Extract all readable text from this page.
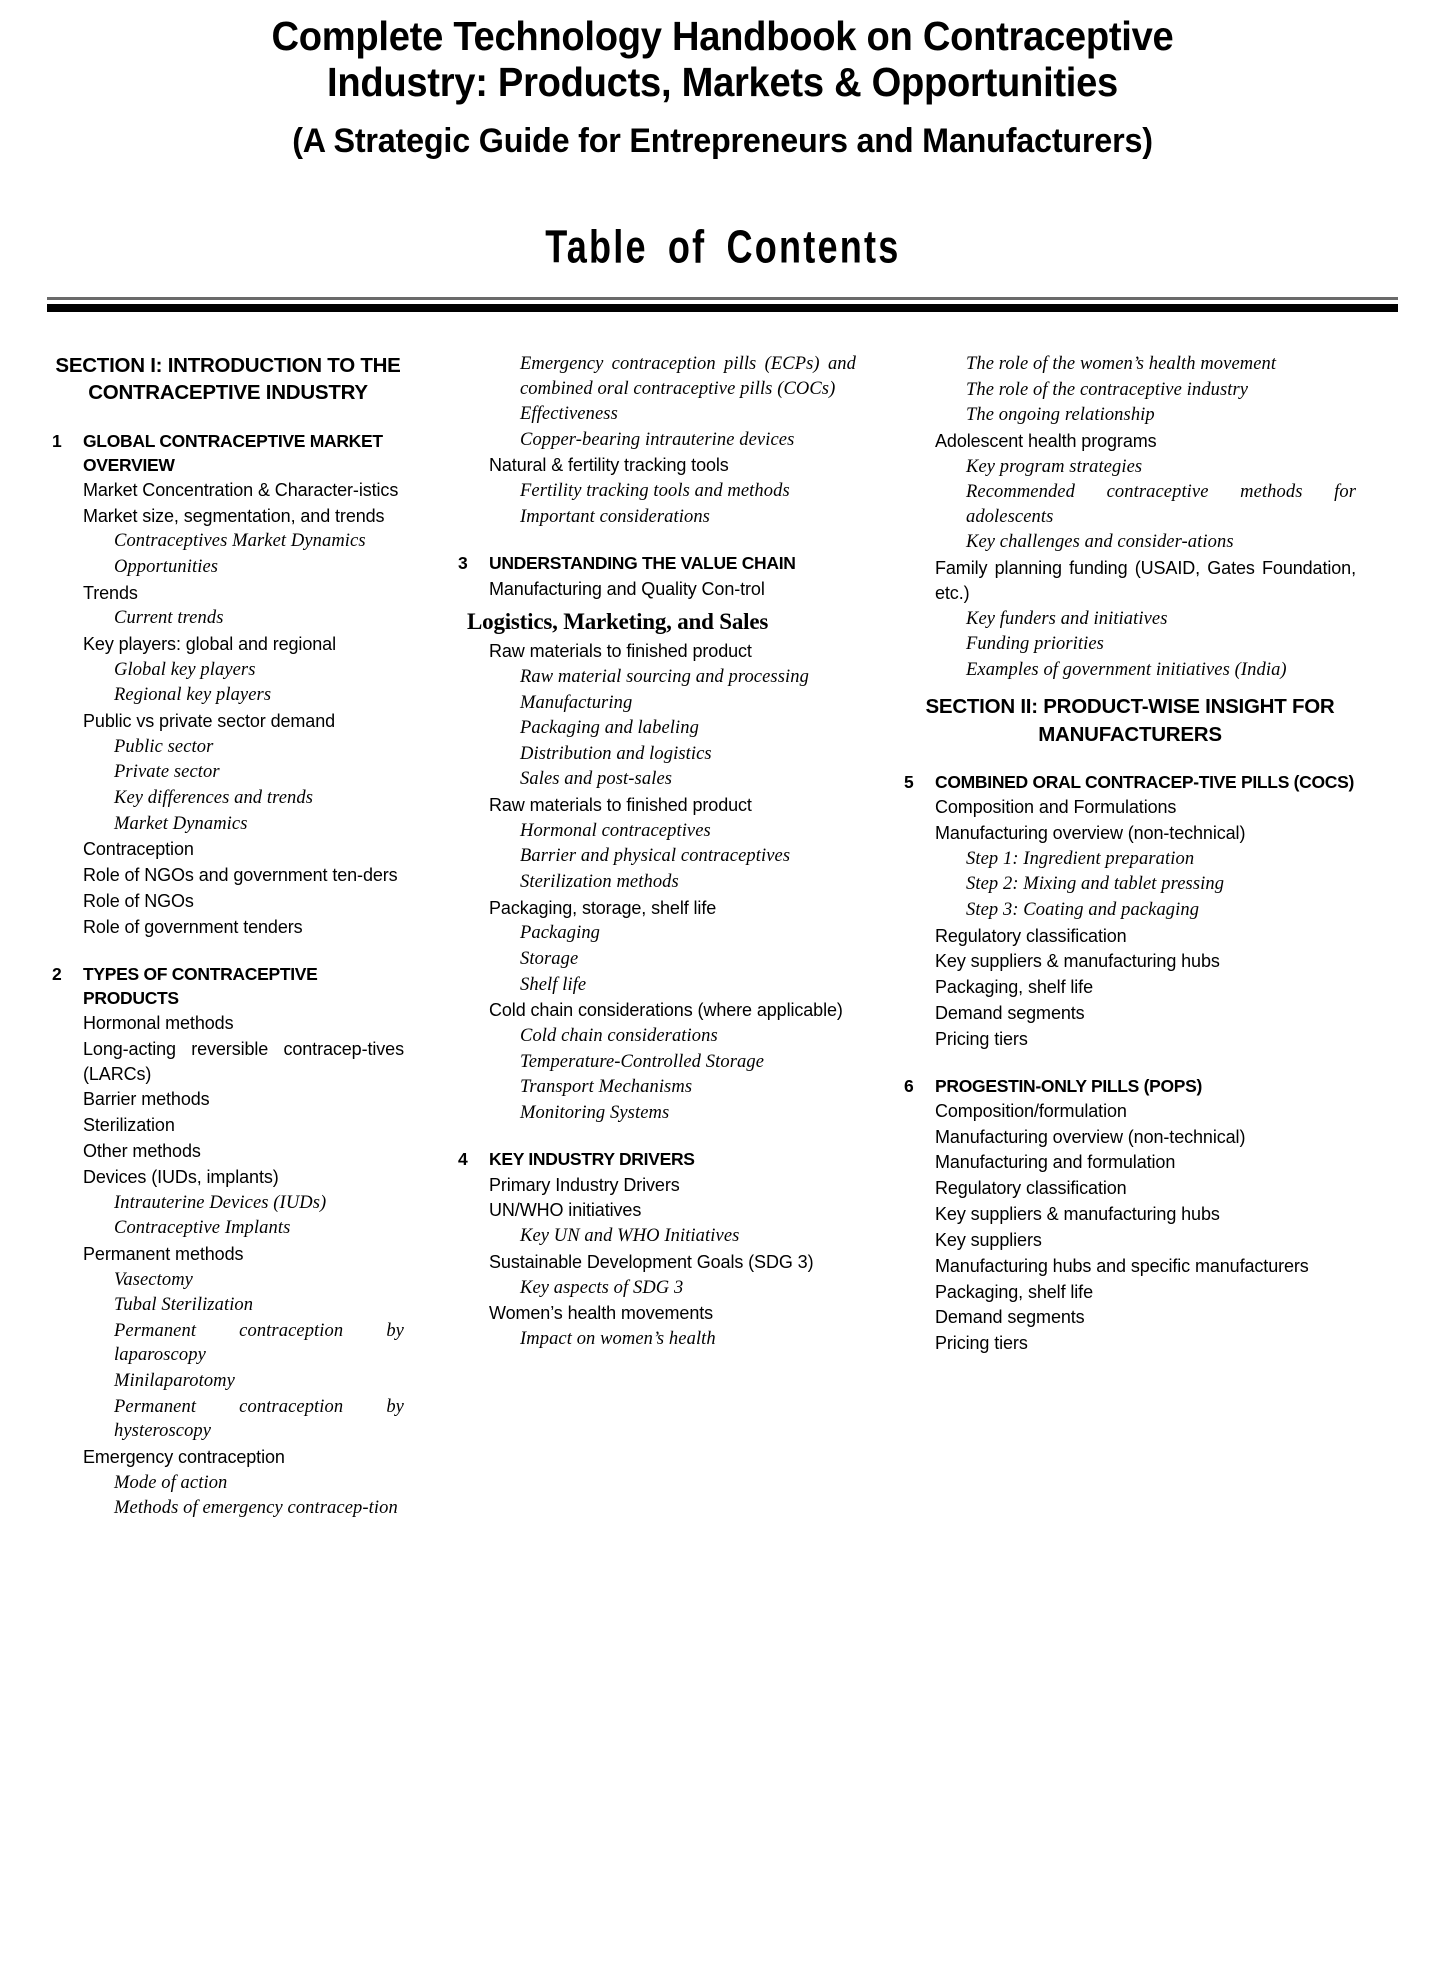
Complete Technology Handbook on Contraceptive
Industry: Products, Markets & Opportunities
(A Strategic Guide for Entrepreneurs and Manufacturers)
Table of Contents
SECTION I: INTRODUCTION TO THE CONTRACEPTIVE INDUSTRY
1	GLOBAL CONTRACEPTIVE MARKET OVERVIEW
Market Concentration & Character-istics
Market size, segmentation, and trends
Contraceptives Market Dynamics
Opportunities
Trends
Current trends
Key players: global and regional
Global key players
Regional key players
Public vs private sector demand
Public sector
Private sector
Key differences and trends
Market Dynamics
Contraception
Role of NGOs and government ten-ders
Role of NGOs
Role of government tenders
2	TYPES OF CONTRACEPTIVE PRODUCTS
Hormonal methods
Long-acting reversible contracep-tives (LARCs)
Barrier methods
Sterilization
Other methods
Devices (IUDs, implants)
Intrauterine Devices (IUDs)
Contraceptive Implants
Permanent methods
Vasectomy
Tubal Sterilization
Permanent contraception by laparoscopy
Minilaparotomy
Permanent contraception by hysteroscopy
Emergency contraception
Mode of action
Methods of emergency contracep-tion
Emergency contraception pills (ECPs) and combined oral contraceptive pills (COCs)
Effectiveness
Copper-bearing intrauterine devices
Natural & fertility tracking tools
Fertility tracking tools and methods
Important considerations
3	UNDERSTANDING THE VALUE CHAIN
Manufacturing and Quality Con-trol
Logistics, Marketing, and Sales
Raw materials to finished product
Raw material sourcing and processing
Manufacturing
Packaging and labeling
Distribution and logistics
Sales and post-sales
Raw materials to finished product
Hormonal contraceptives
Barrier and physical contraceptives
Sterilization methods
Packaging, storage, shelf life
Packaging
Storage
Shelf life
Cold chain considerations (where applicable)
Cold chain considerations
Temperature-Controlled Storage
Transport Mechanisms
Monitoring Systems
4	KEY INDUSTRY DRIVERS
Primary Industry Drivers
UN/WHO initiatives
Key UN and WHO Initiatives
Sustainable Development Goals (SDG 3)
Key aspects of SDG 3
Women’s health movements
Impact on women’s health
The role of the women’s health movement
The role of the contraceptive industry
The ongoing relationship
Adolescent health programs
Key program strategies
Recommended contraceptive methods for adolescents
Key challenges and consider-ations
Family planning funding (USAID, Gates Foundation, etc.)
Key funders and initiatives
Funding priorities
Examples of government initiatives (India)
SECTION II: PRODUCT-WISE INSIGHT FOR MANUFACTURERS
5	COMBINED ORAL CONTRACEP-TIVE PILLS (COCS)
Composition and Formulations
Manufacturing overview (non-technical)
Step 1: Ingredient preparation
Step 2: Mixing and tablet pressing
Step 3: Coating and packaging
Regulatory classification
Key suppliers & manufacturing hubs
Packaging, shelf life
Demand segments
Pricing tiers
6	PROGESTIN-ONLY PILLS (POPS)
Composition/formulation
Manufacturing overview (non-technical)
Manufacturing and formulation
Regulatory classification
Key suppliers & manufacturing hubs
Key suppliers
Manufacturing hubs and specific manufacturers
Packaging, shelf life
Demand segments
Pricing tiers
